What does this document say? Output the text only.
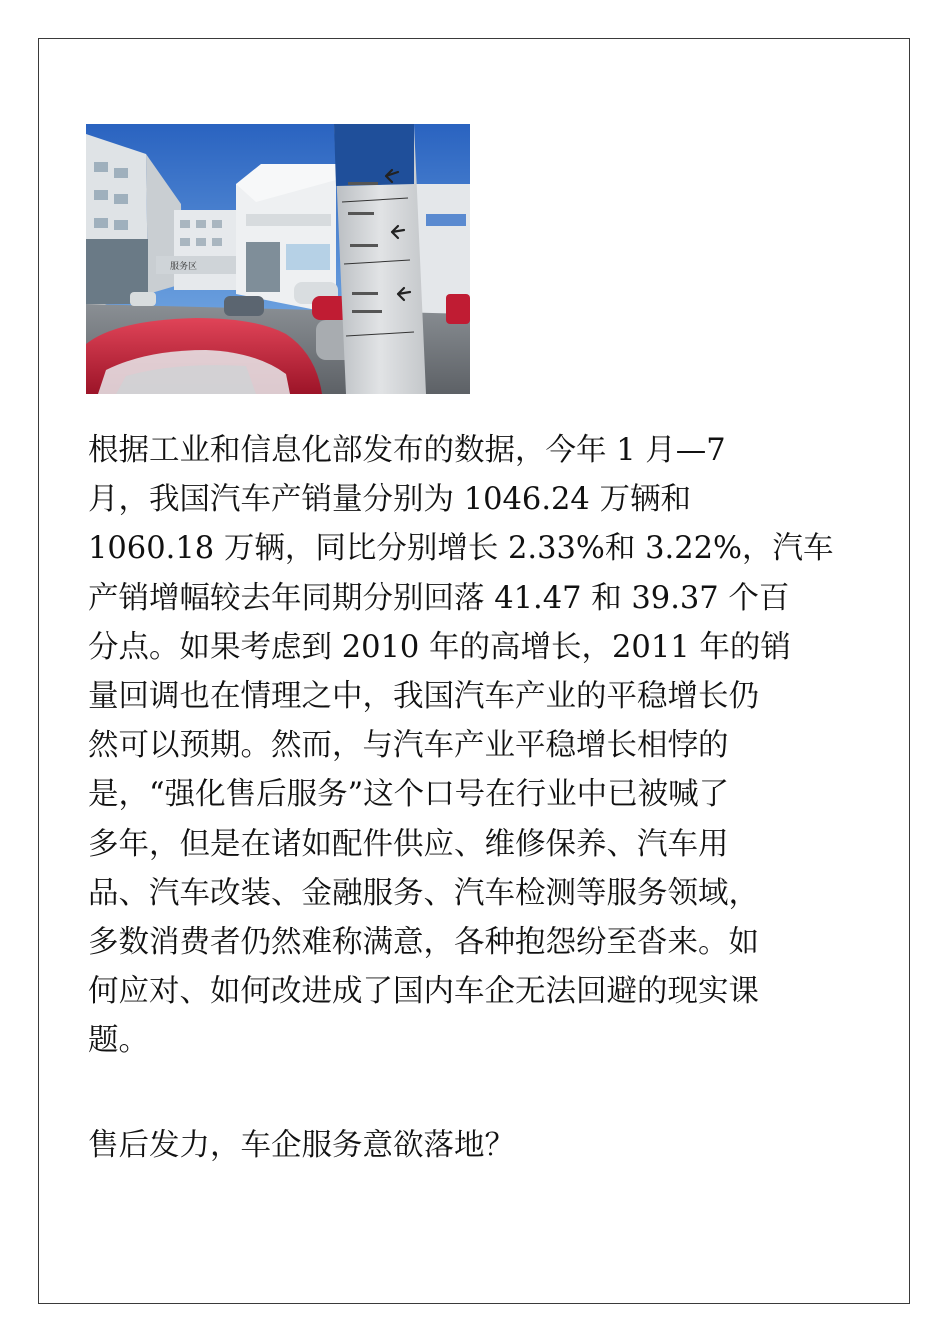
服务区
根据工业和信息化部发布的数据，今年 1 月—7
月，我国汽车产销量分别为 1046.24 万辆和
1060.18 万辆，同比分别增长 2.33%和 3.22%，汽车
产销增幅较去年同期分别回落 41.47 和 39.37 个百
分点。如果考虑到 2010 年的高增长，2011 年的销
量回调也在情理之中，我国汽车产业的平稳增长仍
然可以预期。然而，与汽车产业平稳增长相悖的
是，“强化售后服务”这个口号在行业中已被喊了
多年，但是在诸如配件供应、维修保养、汽车用
品、汽车改装、金融服务、汽车检测等服务领域，
多数消费者仍然难称满意，各种抱怨纷至沓来。如
何应对、如何改进成了国内车企无法回避的现实课
题。

售后发力，车企服务意欲落地？
